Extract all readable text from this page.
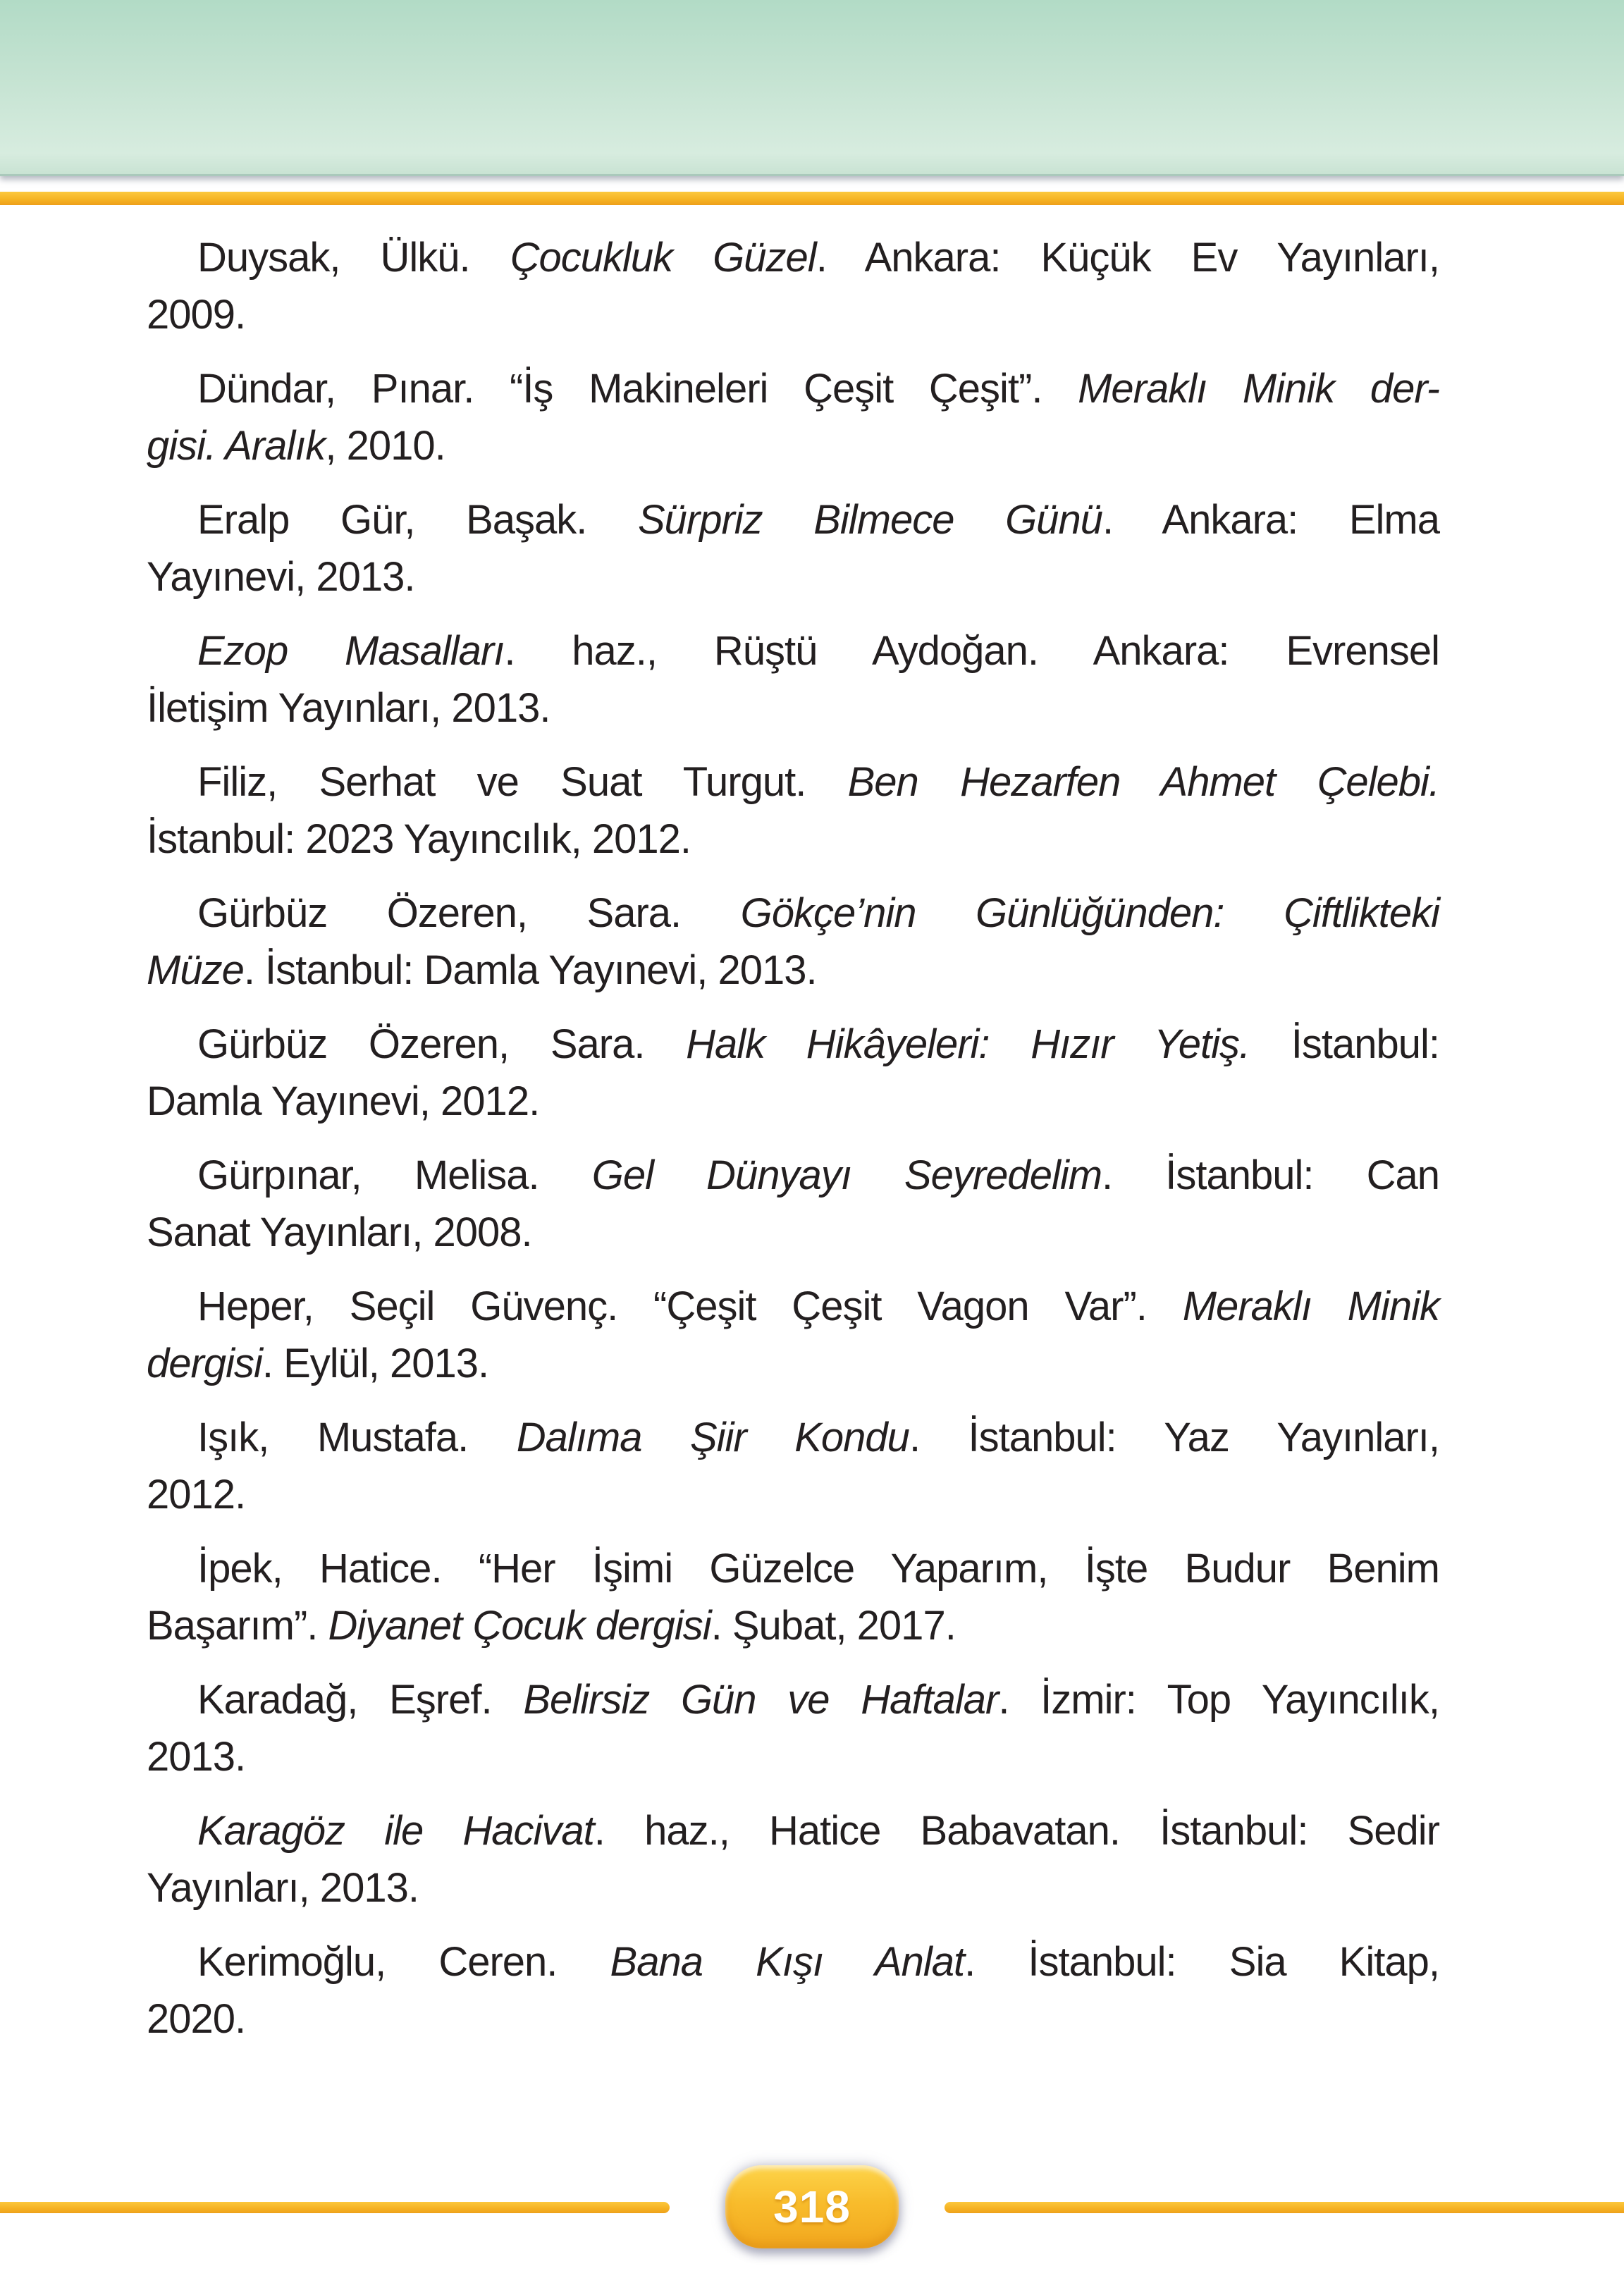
Duysak, Ülkü. Çocukluk Güzel. Ankara: Küçük Ev Yayınları,
2009.
Dündar, Pınar. “İş Makineleri Çeşit Çeşit”. Meraklı Minik der-
gisi. Aralık, 2010.
Eralp Gür, Başak. Sürpriz Bilmece Günü. Ankara: Elma
Yayınevi, 2013.
Ezop Masalları. haz., Rüştü Aydoğan. Ankara: Evrensel
İletişim Yayınları, 2013.
Filiz, Serhat ve Suat Turgut. Ben Hezarfen Ahmet Çelebi.
İstanbul: 2023 Yayıncılık, 2012.
Gürbüz Özeren, Sara. Gökçe’nin Günlüğünden: Çiftlikteki
Müze. İstanbul: Damla Yayınevi, 2013.
Gürbüz Özeren, Sara. Halk Hikâyeleri: Hızır Yetiş. İstanbul:
Damla Yayınevi, 2012.
Gürpınar, Melisa. Gel Dünyayı Seyredelim. İstanbul: Can
Sanat Yayınları, 2008.
Heper, Seçil Güvenç. “Çeşit Çeşit Vagon Var”. Meraklı Minik
dergisi. Eylül, 2013.
Işık, Mustafa. Dalıma Şiir Kondu. İstanbul: Yaz Yayınları,
2012.
İpek, Hatice. “Her İşimi Güzelce Yaparım, İşte Budur Benim
Başarım”. Diyanet Çocuk dergisi. Şubat, 2017.
Karadağ, Eşref. Belirsiz Gün ve Haftalar. İzmir: Top Yayıncılık,
2013.
Karagöz ile Hacivat. haz., Hatice Babavatan. İstanbul: Sedir
Yayınları, 2013.
Kerimoğlu, Ceren. Bana Kışı Anlat. İstanbul: Sia Kitap,
2020.
318
